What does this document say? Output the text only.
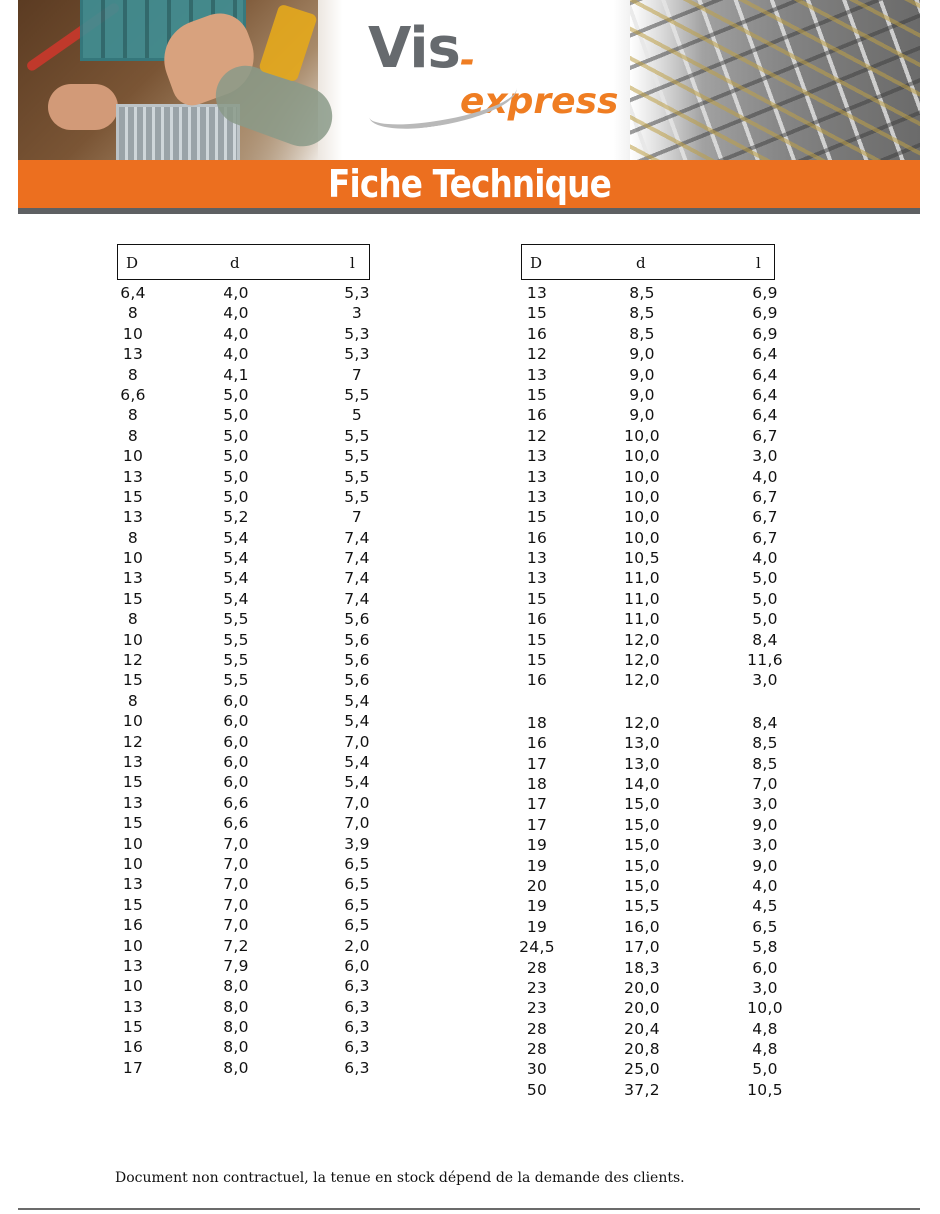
Vis -express
Fiche Technique
D	d	l
6,4	4,0	5,3
8	4,0	3
10	4,0	5,3
13	4,0	5,3
8	4,1	7
6,6	5,0	5,5
8	5,0	5
8	5,0	5,5
10	5,0	5,5
13	5,0	5,5
15	5,0	5,5
13	5,2	7
8	5,4	7,4
10	5,4	7,4
13	5,4	7,4
15	5,4	7,4
8	5,5	5,6
10	5,5	5,6
12	5,5	5,6
15	5,5	5,6
8	6,0	5,4
10	6,0	5,4
12	6,0	7,0
13	6,0	5,4
15	6,0	5,4
13	6,6	7,0
15	6,6	7,0
10	7,0	3,9
10	7,0	6,5
13	7,0	6,5
15	7,0	6,5
16	7,0	6,5
10	7,2	2,0
13	7,9	6,0
10	8,0	6,3
13	8,0	6,3
15	8,0	6,3
16	8,0	6,3
17	8,0	6,3
D	d	l
13	8,5	6,9
15	8,5	6,9
16	8,5	6,9
12	9,0	6,4
13	9,0	6,4
15	9,0	6,4
16	9,0	6,4
12	10,0	6,7
13	10,0	3,0
13	10,0	4,0
13	10,0	6,7
15	10,0	6,7
16	10,0	6,7
13	10,5	4,0
13	11,0	5,0
15	11,0	5,0
16	11,0	5,0
15	12,0	8,4
15	12,0	11,6
16	12,0	3,0
18	12,0	8,4
16	13,0	8,5
17	13,0	8,5
18	14,0	7,0
17	15,0	3,0
17	15,0	9,0
19	15,0	3,0
19	15,0	9,0
20	15,0	4,0
19	15,5	4,5
19	16,0	6,5
24,5	17,0	5,8
28	18,3	6,0
23	20,0	3,0
23	20,0	10,0
28	20,4	4,8
28	20,8	4,8
30	25,0	5,0
50	37,2	10,5
Document non contractuel, la tenue en stock dépend de la demande des clients.
